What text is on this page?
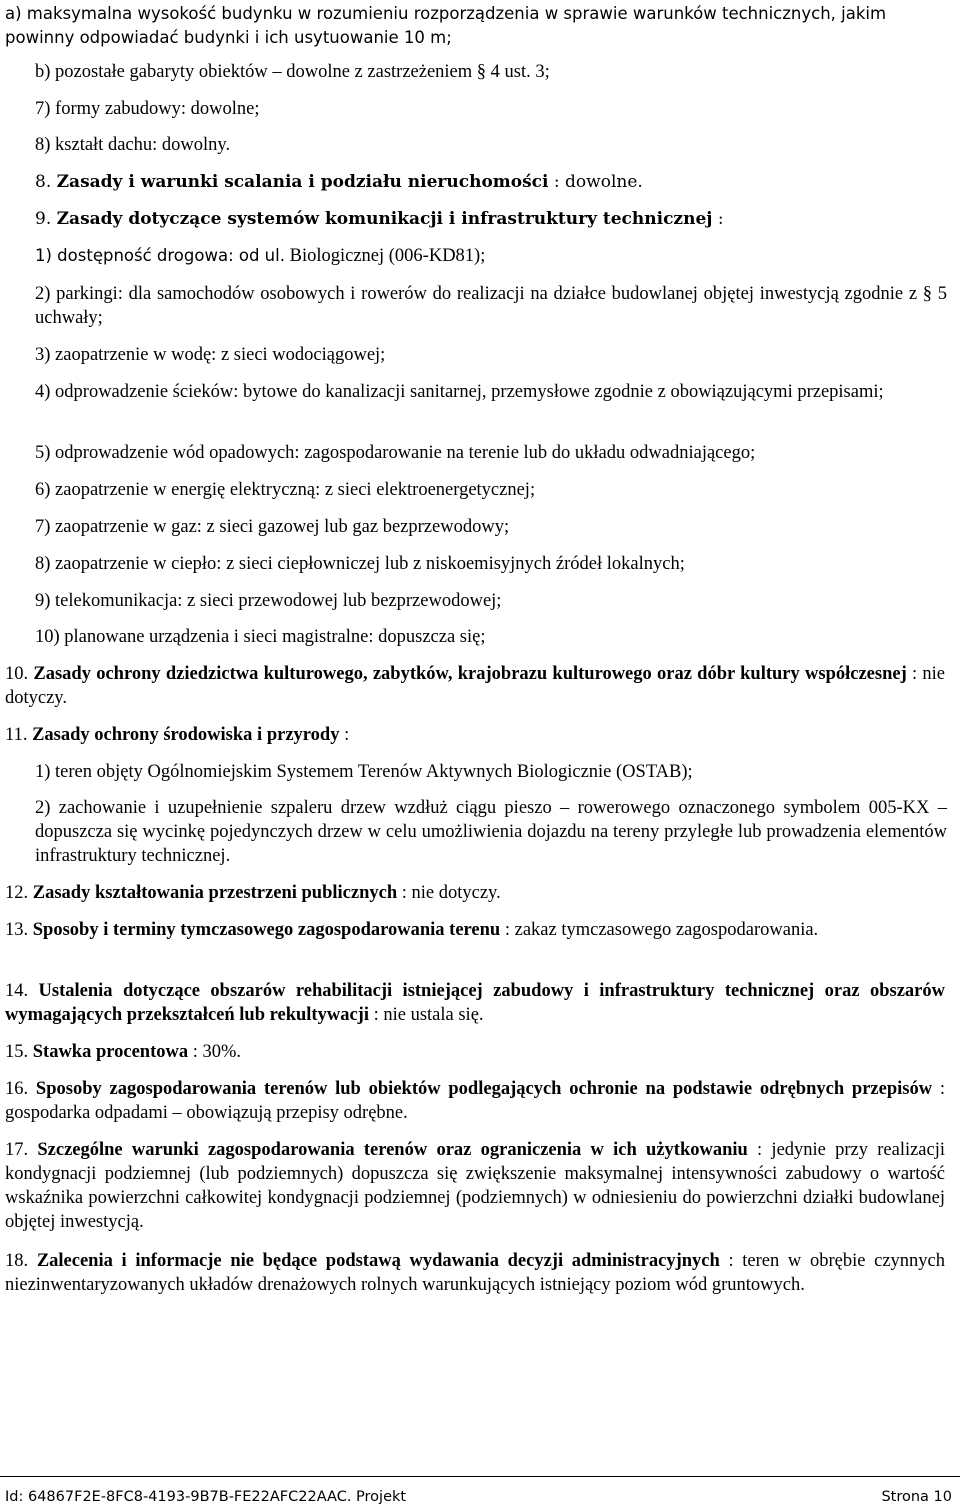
a) maksymalna wysokość budynku w rozumieniu rozporządzenia w sprawie warunków technicznych, jakim powinny odpowiadać budynki i ich usytuowanie 10 m;

b) pozostałe gabaryty obiektów – dowolne z zastrzeżeniem § 4 ust. 3;

7) formy zabudowy: dowolne;

8) kształt dachu: dowolny.

8. Zasady i warunki scalania i podziału nieruchomości : dowolne.

9. Zasady dotyczące systemów komunikacji i infrastruktury technicznej :

1) dostępność drogowa: od ul. Biologicznej (006-KD81);

2) parkingi: dla samochodów osobowych i rowerów do realizacji na działce budowlanej objętej inwestycją zgodnie z § 5 uchwały;

3) zaopatrzenie w wodę: z sieci wodociągowej;

4) odprowadzenie ścieków: bytowe do kanalizacji sanitarnej, przemysłowe zgodnie z obowiązującymi przepisami;

5) odprowadzenie wód opadowych: zagospodarowanie na terenie lub do układu odwadniającego;

6) zaopatrzenie w energię elektryczną: z sieci elektroenergetycznej;

7) zaopatrzenie w gaz: z sieci gazowej lub gaz bezprzewodowy;

8) zaopatrzenie w ciepło: z sieci ciepłowniczej lub z niskoemisyjnych źródeł lokalnych;

9) telekomunikacja: z sieci przewodowej lub bezprzewodowej;

10) planowane urządzenia i sieci magistralne: dopuszcza się;

10. Zasady ochrony dziedzictwa kulturowego, zabytków, krajobrazu kulturowego oraz dóbr kultury współczesnej : nie dotyczy.

11. Zasady ochrony środowiska i przyrody :

1) teren objęty Ogólnomiejskim Systemem Terenów Aktywnych Biologicznie (OSTAB);

2) zachowanie i uzupełnienie szpaleru drzew wzdłuż ciągu pieszo – rowerowego oznaczonego symbolem 005-KX – dopuszcza się wycinkę pojedynczych drzew w celu umożliwienia dojazdu na tereny przyległe lub prowadzenia elementów infrastruktury technicznej.

12. Zasady kształtowania przestrzeni publicznych : nie dotyczy.

13. Sposoby i terminy tymczasowego zagospodarowania terenu : zakaz tymczasowego zagospodarowania.

14. Ustalenia dotyczące obszarów rehabilitacji istniejącej zabudowy i infrastruktury technicznej oraz obszarów wymagających przekształceń lub rekultywacji : nie ustala się.

15. Stawka procentowa : 30%.

16. Sposoby zagospodarowania terenów lub obiektów podlegających ochronie na podstawie odrębnych przepisów : gospodarka odpadami – obowiązują przepisy odrębne.

17. Szczególne warunki zagospodarowania terenów oraz ograniczenia w ich użytkowaniu : jedynie przy realizacji kondygnacji podziemnej (lub podziemnych) dopuszcza się zwiększenie maksymalnej intensywności zabudowy o wartość wskaźnika powierzchni całkowitej kondygnacji podziemnej (podziemnych) w odniesieniu do powierzchni działki budowlanej objętej inwestycją.

18. Zalecenia i informacje nie będące podstawą wydawania decyzji administracyjnych : teren w obrębie czynnych niezinwentaryzowanych układów drenażowych rolnych warunkujących istniejący poziom wód gruntowych.

Id: 64867F2E-8FC8-4193-9B7B-FE22AFC22AAC. Projekt	Strona 10
